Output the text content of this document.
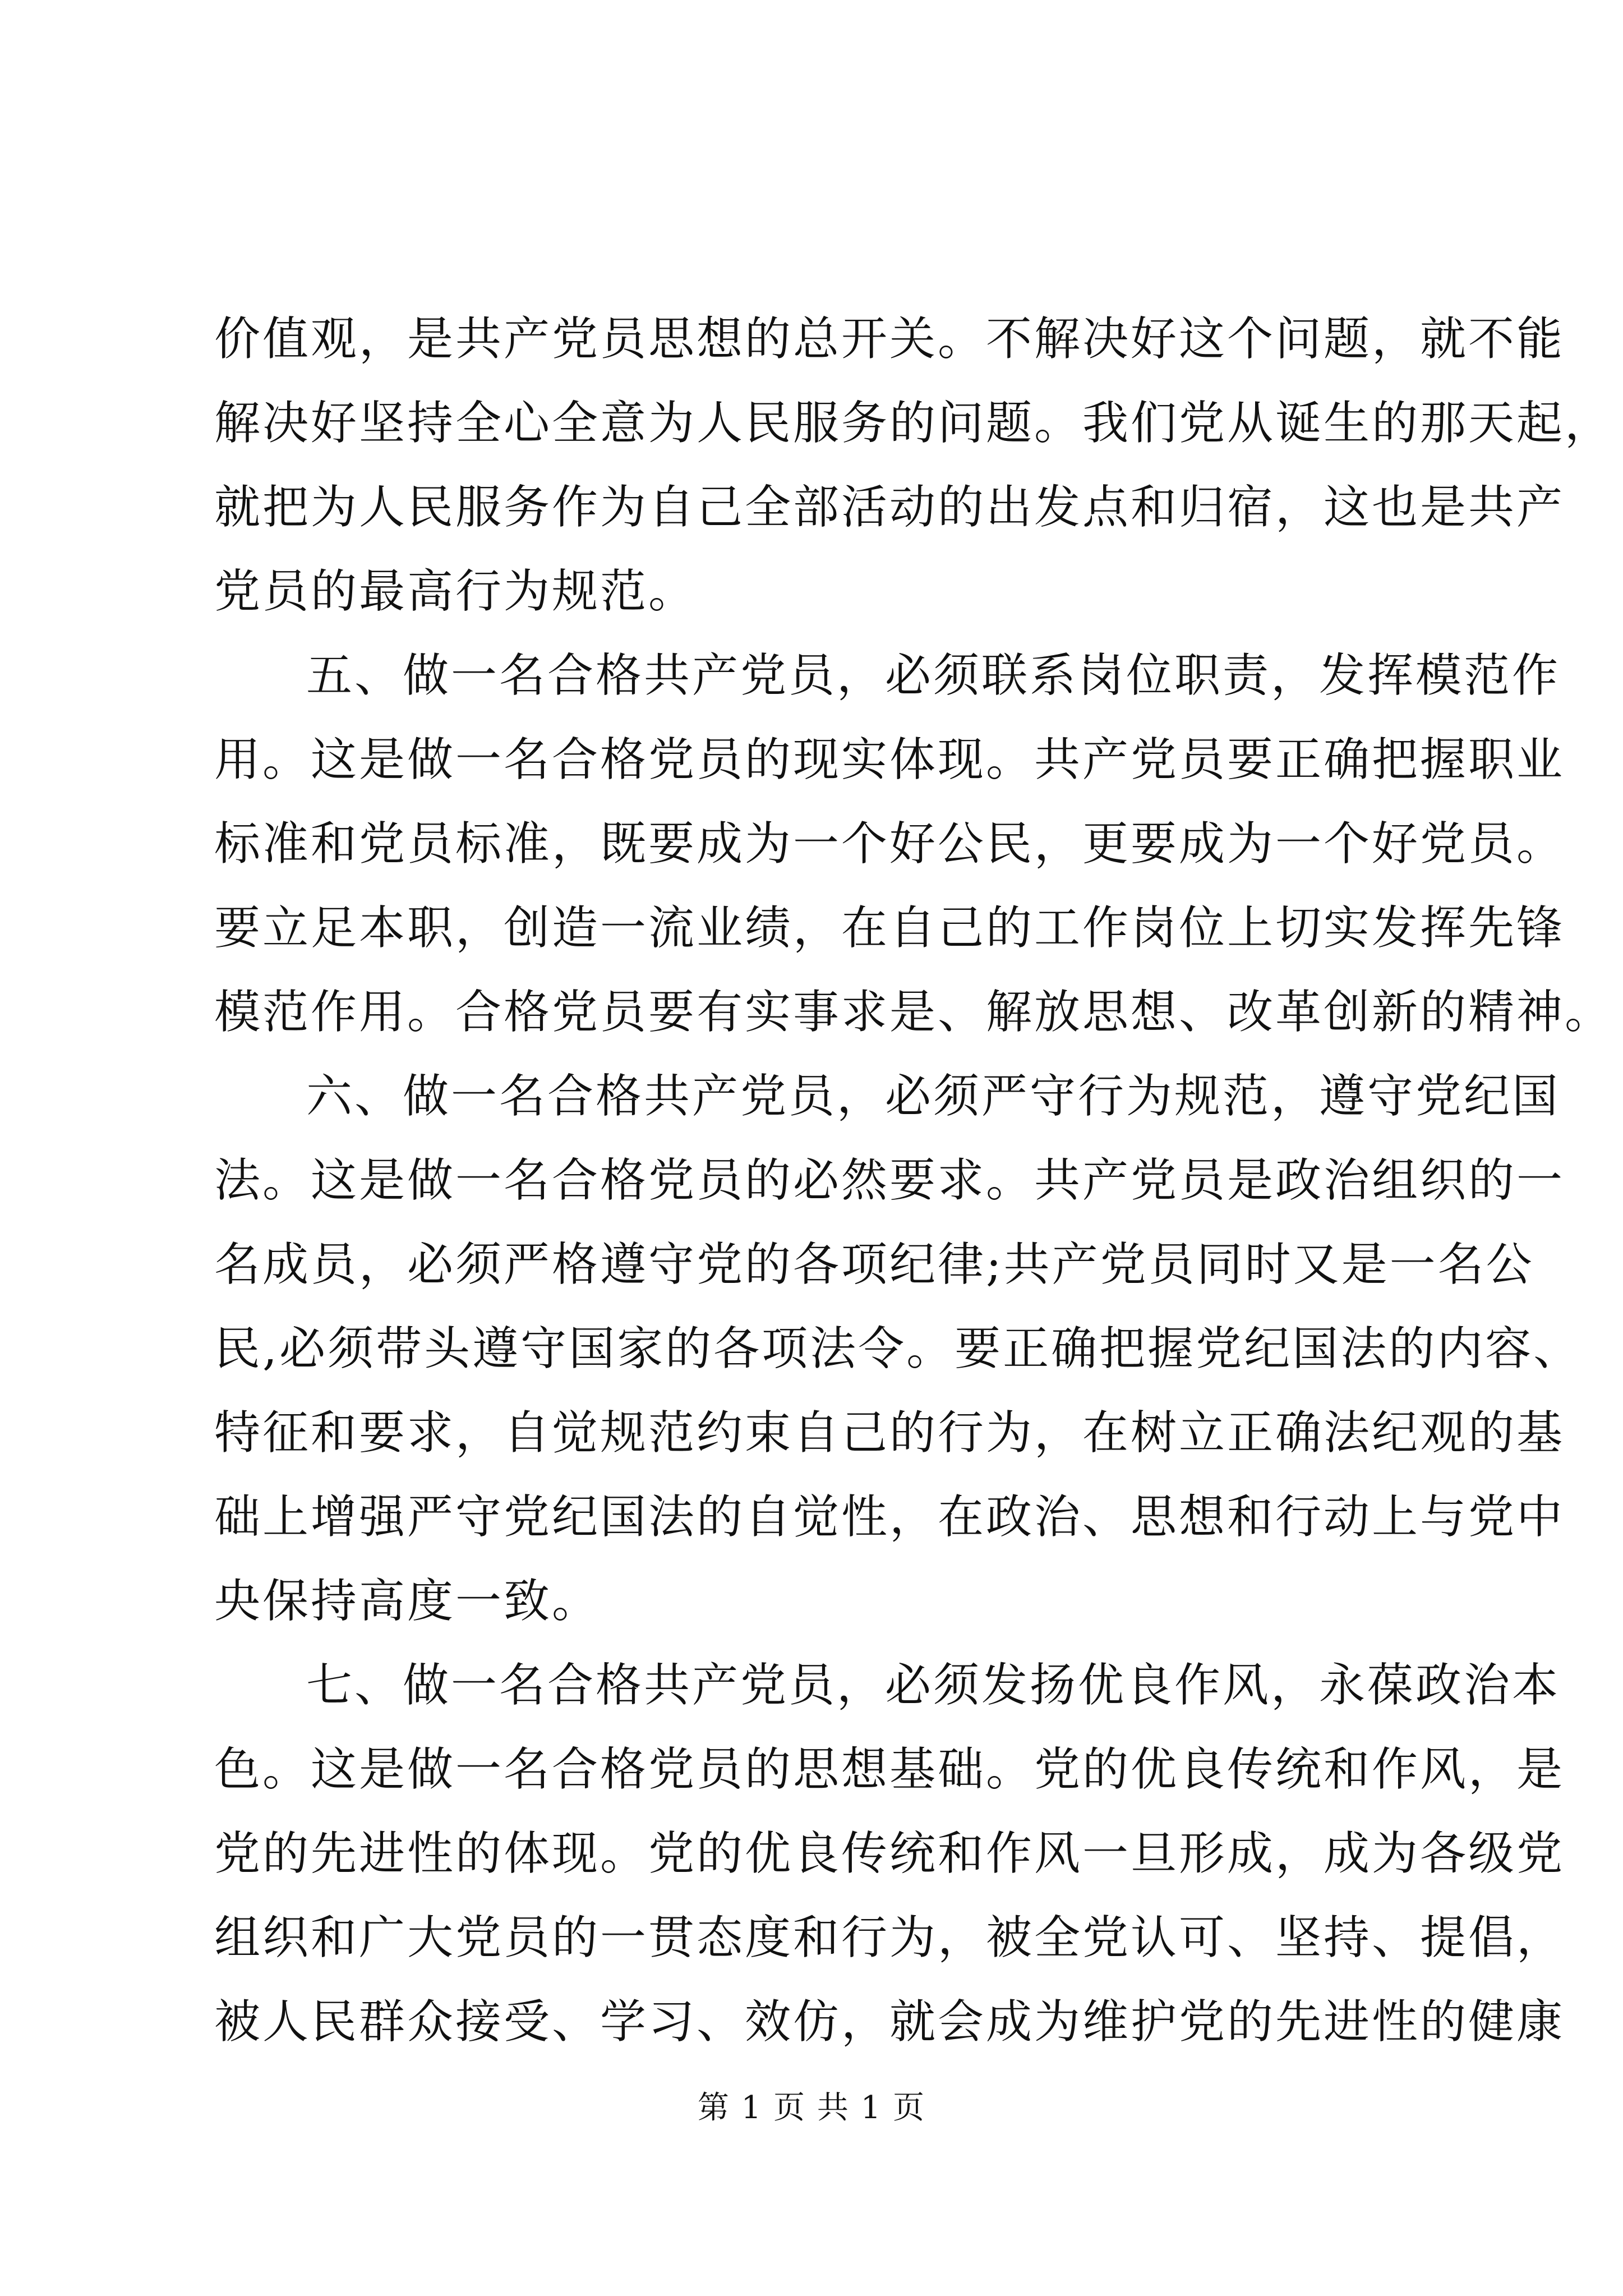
价值观，是共产党员思想的总开关。不解决好这个问题，就不能
解决好坚持全心全意为人民服务的问题。我们党从诞生的那天起，
就把为人民服务作为自己全部活动的出发点和归宿，这也是共产
党员的最高行为规范。
五、做一名合格共产党员，必须联系岗位职责，发挥模范作
用。这是做一名合格党员的现实体现。共产党员要正确把握职业
标准和党员标准，既要成为一个好公民，更要成为一个好党员。
要立足本职，创造一流业绩，在自己的工作岗位上切实发挥先锋
模范作用。合格党员要有实事求是、解放思想、改革创新的精神。
六、做一名合格共产党员，必须严守行为规范，遵守党纪国
法。这是做一名合格党员的必然要求。共产党员是政治组织的一
名成员，必须严格遵守党的各项纪律;共产党员同时又是一名公
民,必须带头遵守国家的各项法令。要正确把握党纪国法的内容、
特征和要求，自觉规范约束自己的行为，在树立正确法纪观的基
础上增强严守党纪国法的自觉性，在政治、思想和行动上与党中
央保持高度一致。
七、做一名合格共产党员，必须发扬优良作风，永葆政治本
色。这是做一名合格党员的思想基础。党的优良传统和作风，是
党的先进性的体现。党的优良传统和作风一旦形成，成为各级党
组织和广大党员的一贯态度和行为，被全党认可、坚持、提倡，
被人民群众接受、学习、效仿，就会成为维护党的先进性的健康
第 1 页 共 1 页
